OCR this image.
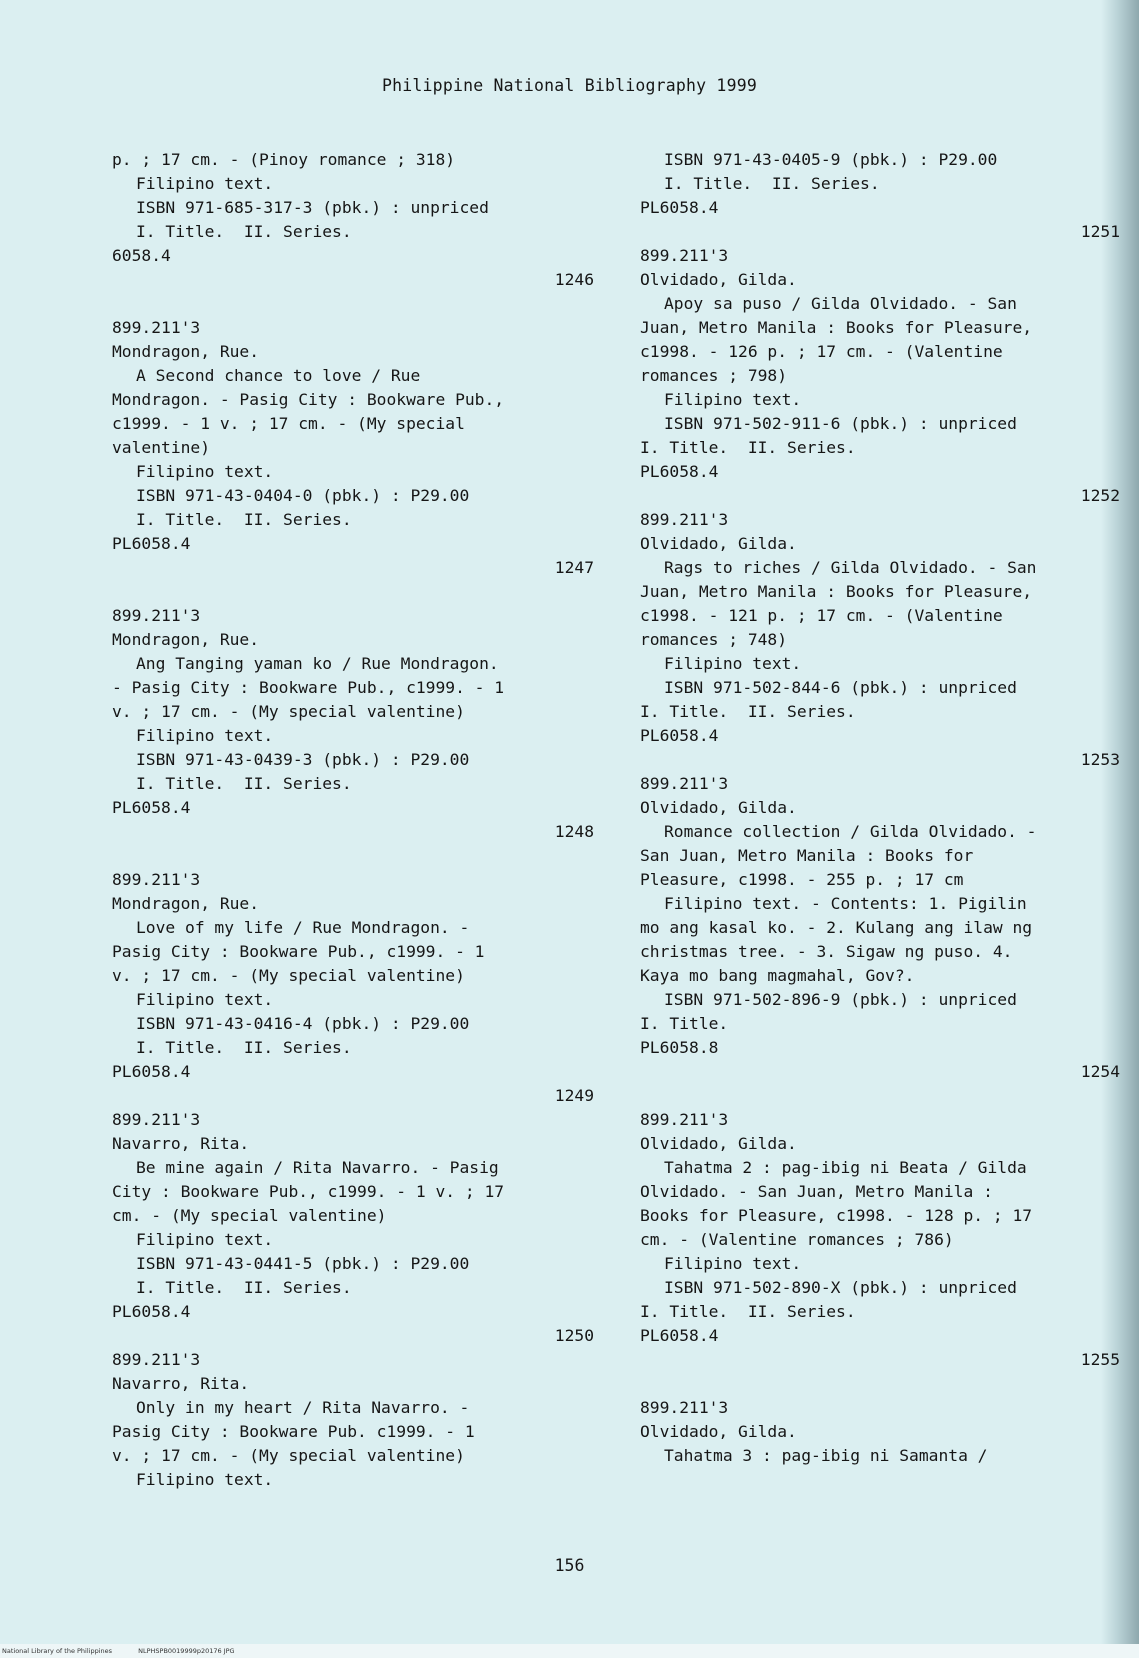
Philippine National Bibliography 1999
p. ; 17 cm. - (Pinoy romance ; 318)
Filipino text.
ISBN 971-685-317-3 (pbk.) : unpriced
I. Title.  II. Series.
6058.4
1246
899.211'3
Mondragon, Rue.
A Second chance to love / Rue
Mondragon. - Pasig City : Bookware Pub.,
c1999. - 1 v. ; 17 cm. - (My special
valentine)
Filipino text.
ISBN 971-43-0404-0 (pbk.) : P29.00
I. Title.  II. Series.
PL6058.4
1247
899.211'3
Mondragon, Rue.
Ang Tanging yaman ko / Rue Mondragon.
- Pasig City : Bookware Pub., c1999. - 1
v. ; 17 cm. - (My special valentine)
Filipino text.
ISBN 971-43-0439-3 (pbk.) : P29.00
I. Title.  II. Series.
PL6058.4
1248
899.211'3
Mondragon, Rue.
Love of my life / Rue Mondragon. -
Pasig City : Bookware Pub., c1999. - 1
v. ; 17 cm. - (My special valentine)
Filipino text.
ISBN 971-43-0416-4 (pbk.) : P29.00
I. Title.  II. Series.
PL6058.4
1249
899.211'3
Navarro, Rita.
Be mine again / Rita Navarro. - Pasig
City : Bookware Pub., c1999. - 1 v. ; 17
cm. - (My special valentine)
Filipino text.
ISBN 971-43-0441-5 (pbk.) : P29.00
I. Title.  II. Series.
PL6058.4
1250
899.211'3
Navarro, Rita.
Only in my heart / Rita Navarro. -
Pasig City : Bookware Pub. c1999. - 1
v. ; 17 cm. - (My special valentine)
Filipino text.
ISBN 971-43-0405-9 (pbk.) : P29.00
I. Title.  II. Series.
PL6058.4
1251
899.211'3
Olvidado, Gilda.
Apoy sa puso / Gilda Olvidado. - San
Juan, Metro Manila : Books for Pleasure,
c1998. - 126 p. ; 17 cm. - (Valentine
romances ; 798)
Filipino text.
ISBN 971-502-911-6 (pbk.) : unpriced
I. Title.  II. Series.
PL6058.4
1252
899.211'3
Olvidado, Gilda.
Rags to riches / Gilda Olvidado. - San
Juan, Metro Manila : Books for Pleasure,
c1998. - 121 p. ; 17 cm. - (Valentine
romances ; 748)
Filipino text.
ISBN 971-502-844-6 (pbk.) : unpriced
I. Title.  II. Series.
PL6058.4
1253
899.211'3
Olvidado, Gilda.
Romance collection / Gilda Olvidado. -
San Juan, Metro Manila : Books for
Pleasure, c1998. - 255 p. ; 17 cm
Filipino text. - Contents: 1. Pigilin
mo ang kasal ko. - 2. Kulang ang ilaw ng
christmas tree. - 3. Sigaw ng puso. 4.
Kaya mo bang magmahal, Gov?.
ISBN 971-502-896-9 (pbk.) : unpriced
I. Title.
PL6058.8
1254
899.211'3
Olvidado, Gilda.
Tahatma 2 : pag-ibig ni Beata / Gilda
Olvidado. - San Juan, Metro Manila :
Books for Pleasure, c1998. - 128 p. ; 17
cm. - (Valentine romances ; 786)
Filipino text.
ISBN 971-502-890-X (pbk.) : unpriced
I. Title.  II. Series.
PL6058.4
1255
899.211'3
Olvidado, Gilda.
Tahatma 3 : pag-ibig ni Samanta /
156
National Library of the Philippines	NLPHSPB0019999p20176 JPG
